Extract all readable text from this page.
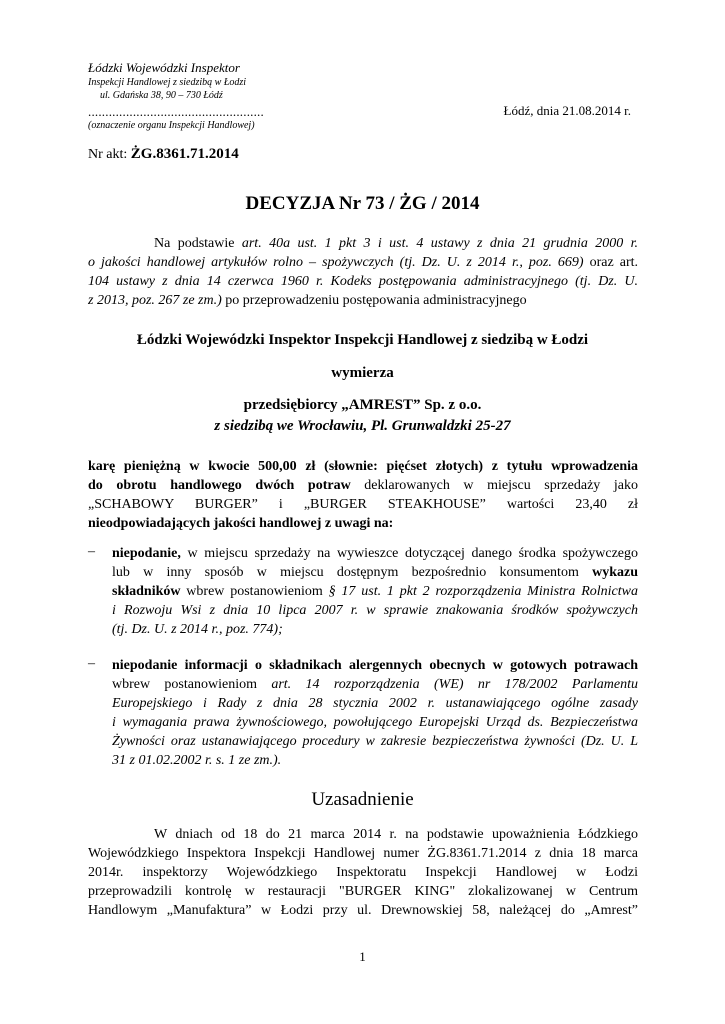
Łódzki Wojewódzki Inspektor
Inspekcji Handlowej z siedzibą w Łodzi
ul. Gdańska 38, 90 – 730 Łódź
...................................................
(oznaczenie organu Inspekcji Handlowej)
Łódź, dnia 21.08.2014 r.
Nr akt: ŻG.8361.71.2014
DECYZJA Nr 73 / ŻG / 2014
Na podstawie art. 40a ust. 1 pkt 3 i ust. 4 ustawy z dnia 21 grudnia 2000 r.
o jakości handlowej artykułów rolno – spożywczych (tj. Dz. U. z 2014 r., poz. 669) oraz art.
104 ustawy z dnia 14 czerwca 1960 r. Kodeks postępowania administracyjnego (tj. Dz. U.
z 2013, poz. 267 ze zm.) po przeprowadzeniu postępowania administracyjnego
Łódzki Wojewódzki Inspektor Inspekcji Handlowej z siedzibą w Łodzi
wymierza
przedsiębiorcy „AMREST” Sp. z o.o.
z siedzibą we Wrocławiu, Pl. Grunwaldzki 25-27
karę pieniężną w kwocie 500,00 zł (słownie: pięćset złotych) z tytułu wprowadzenia
do obrotu handlowego dwóch potraw deklarowanych w miejscu sprzedaży jako
„SCHABOWY BURGER” i „BURGER STEAKHOUSE” wartości 23,40 zł
nieodpowiadających jakości handlowej z uwagi na:
– niepodanie, w miejscu sprzedaży na wywieszce dotyczącej danego środka spożywczego
lub w inny sposób w miejscu dostępnym bezpośrednio konsumentom wykazu
składników wbrew postanowieniom § 17 ust. 1 pkt 2 rozporządzenia Ministra Rolnictwa
i Rozwoju Wsi z dnia 10 lipca 2007 r. w sprawie znakowania środków spożywczych
(tj. Dz. U. z 2014 r., poz. 774);
– niepodanie informacji o składnikach alergennych obecnych w gotowych potrawach
wbrew postanowieniom art. 14 rozporządzenia (WE) nr 178/2002 Parlamentu
Europejskiego i Rady z dnia 28 stycznia 2002 r. ustanawiającego ogólne zasady
i wymagania prawa żywnościowego, powołującego Europejski Urząd ds. Bezpieczeństwa
Żywności oraz ustanawiającego procedury w zakresie bezpieczeństwa żywności (Dz. U. L
31 z 01.02.2002 r. s. 1 ze zm.).
Uzasadnienie
W dniach od 18 do 21 marca 2014 r. na podstawie upoważnienia Łódzkiego
Wojewódzkiego Inspektora Inspekcji Handlowej numer ŻG.8361.71.2014 z dnia 18 marca
2014r. inspektorzy Wojewódzkiego Inspektoratu Inspekcji Handlowej w Łodzi
przeprowadzili kontrolę w restauracji "BURGER KING" zlokalizowanej w Centrum
Handlowym „Manufaktura” w Łodzi przy ul. Drewnowskiej 58, należącej do „Amrest”
1
